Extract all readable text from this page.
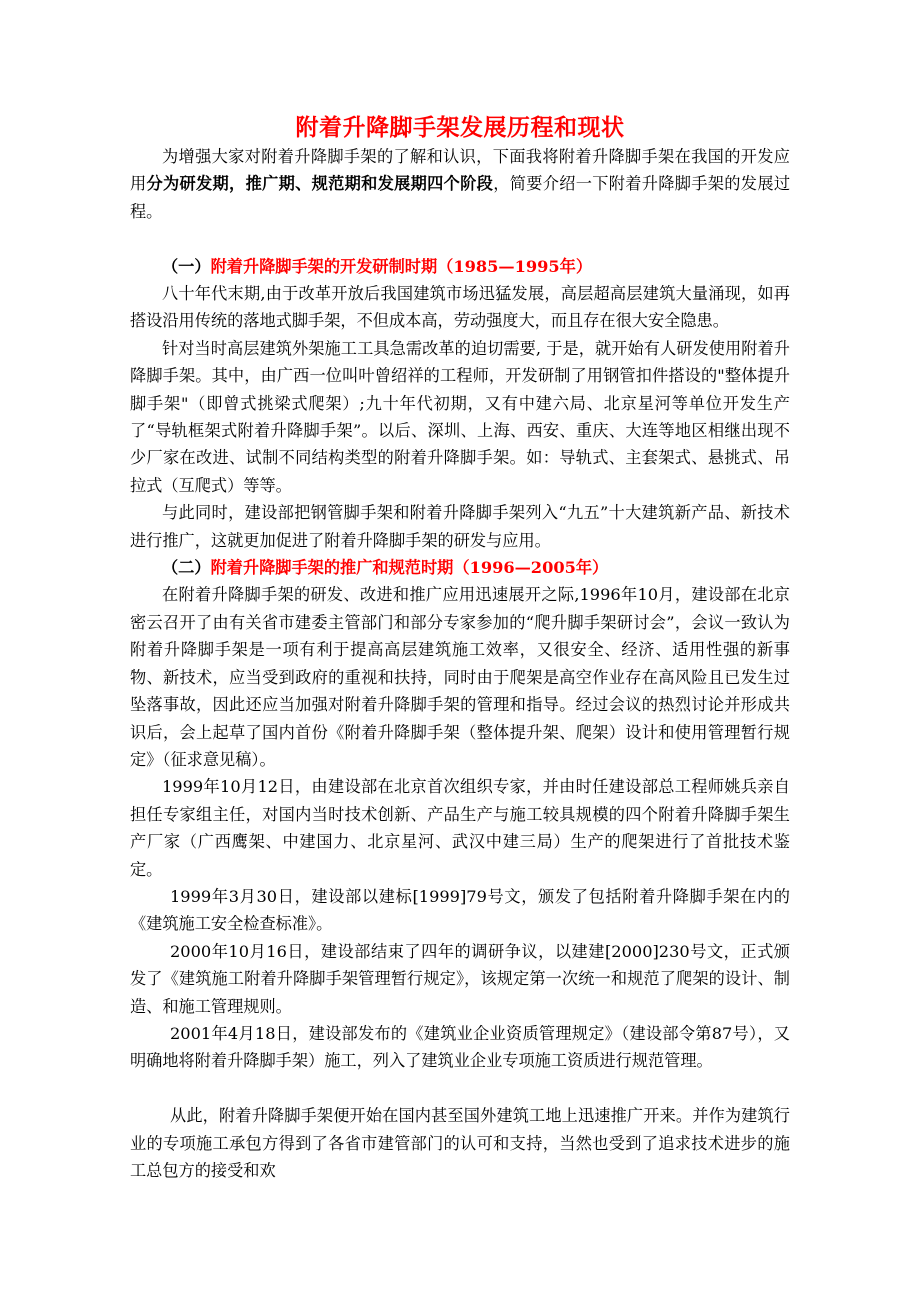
附着升降脚手架发展历程和现状

为增强大家对附着升降脚手架的了解和认识，下面我将附着升降脚手架在我国的开发应用分为研发期，推广期、规范期和发展期四个阶段，简要介绍一下附着升降脚手架的发展过程。

（一）附着升降脚手架的开发研制时期（1985—1995年）

八十年代末期,由于改革开放后我国建筑市场迅猛发展，高层超高层建筑大量涌现，如再搭设沿用传统的落地式脚手架，不但成本高，劳动强度大，而且存在很大安全隐患。

针对当时高层建筑外架施工工具急需改革的迫切需要, 于是，就开始有人研发使用附着升降脚手架。其中，由广西一位叫叶曾绍祥的工程师，开发研制了用钢管扣件搭设的"整体提升脚手架"（即曾式挑梁式爬架）;九十年代初期，又有中建六局、北京星河等单位开发生产了“导轨框架式附着升降脚手架”。以后、深圳、上海、西安、重庆、大连等地区相继出现不少厂家在改进、试制不同结构类型的附着升降脚手架。如：导轨式、主套架式、悬挑式、吊拉式（互爬式）等等。

与此同时，建设部把钢管脚手架和附着升降脚手架列入“九五”十大建筑新产品、新技术进行推广，这就更加促进了附着升降脚手架的研发与应用。

（二）附着升降脚手架的推广和规范时期（1996—2005年）

在附着升降脚手架的研发、改进和推广应用迅速展开之际,1996年10月，建设部在北京密云召开了由有关省市建委主管部门和部分专家参加的“爬升脚手架研讨会”，会议一致认为附着升降脚手架是一项有利于提高高层建筑施工效率，又很安全、经济、适用性强的新事物、新技术，应当受到政府的重视和扶持，同时由于爬架是高空作业存在高风险且已发生过坠落事故，因此还应当加强对附着升降脚手架的管理和指导。经过会议的热烈讨论并形成共识后，会上起草了国内首份《附着升降脚手架（整体提升架、爬架）设计和使用管理暂行规定》（征求意见稿）。

1999年10月12日，由建设部在北京首次组织专家，并由时任建设部总工程师姚兵亲自担任专家组主任，对国内当时技术创新、产品生产与施工较具规模的四个附着升降脚手架生产厂家（广西鹰架、中建国力、北京星河、武汉中建三局）生产的爬架进行了首批技术鉴定。

1999年3月30日，建设部以建标[1999]79号文，颁发了包括附着升降脚手架在内的《建筑施工安全检查标准》。

2000年10月16日，建设部结束了四年的调研争议，以建建[2000]230号文，正式颁发了《建筑施工附着升降脚手架管理暂行规定》，该规定第一次统一和规范了爬架的设计、制造、和施工管理规则。

2001年4月18日，建设部发布的《建筑业企业资质管理规定》（建设部令第87号），又明确地将附着升降脚手架）施工，列入了建筑业企业专项施工资质进行规范管理。

从此，附着升降脚手架便开始在国内甚至国外建筑工地上迅速推广开来。并作为建筑行业的专项施工承包方得到了各省市建管部门的认可和支持，当然也受到了追求技术进步的施工总包方的接受和欢
